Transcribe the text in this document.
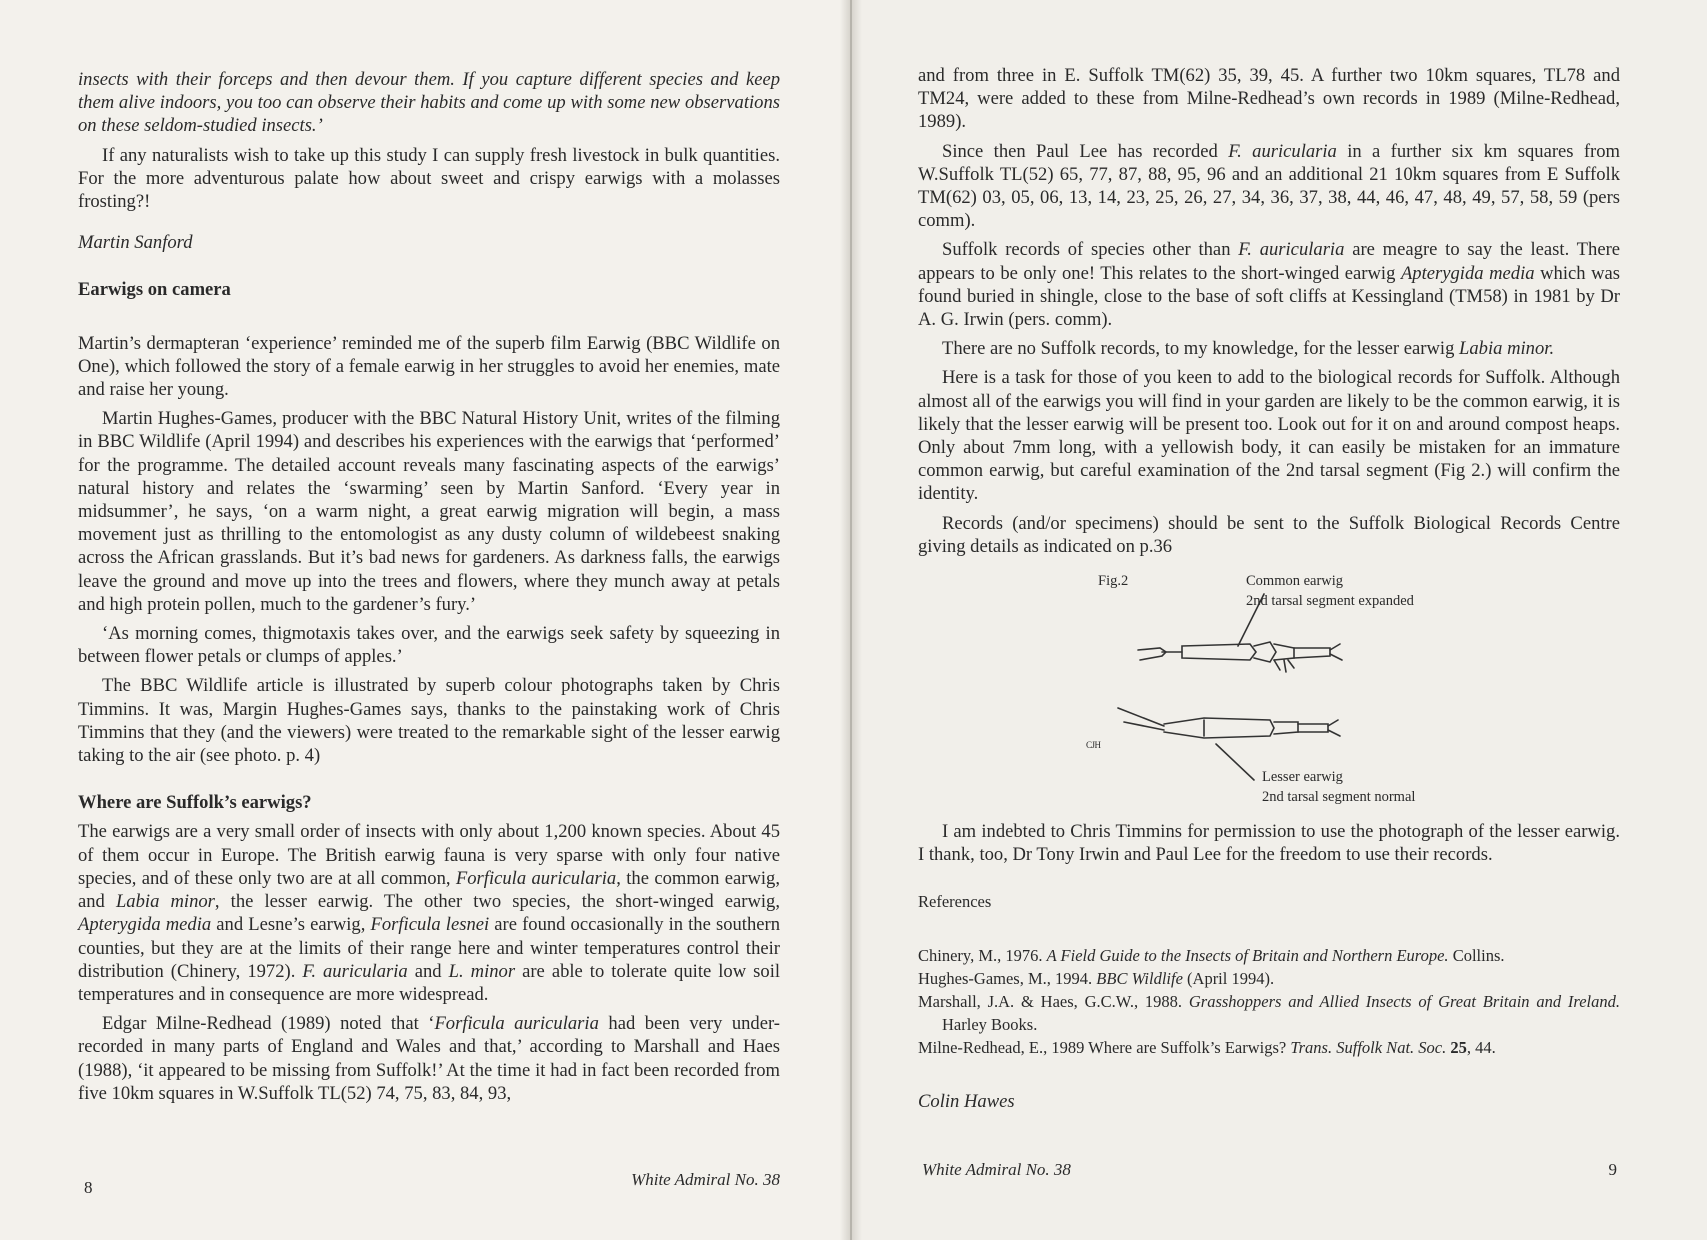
insects with their forceps and then devour them. If you capture different species and keep them alive indoors, you too can observe their habits and come up with some new observations on these seldom-studied insects.’

If any naturalists wish to take up this study I can supply fresh livestock in bulk quantities. For the more adventurous palate how about sweet and crispy earwigs with a molasses frosting?!

Martin Sanford

Earwigs on camera

Martin’s dermapteran ‘experience’ reminded me of the superb film Earwig (BBC Wildlife on One), which followed the story of a female earwig in her struggles to avoid her enemies, mate and raise her young.

Martin Hughes-Games, producer with the BBC Natural History Unit, writes of the filming in BBC Wildlife (April 1994) and describes his experiences with the earwigs that ‘performed’ for the programme. The detailed account reveals many fascinating aspects of the earwigs’ natural history and relates the ‘swarming’ seen by Martin Sanford. ‘Every year in midsummer’, he says, ‘on a warm night, a great earwig migration will begin, a mass movement just as thrilling to the entomologist as any dusty column of wildebeest snaking across the African grasslands. But it’s bad news for gardeners. As darkness falls, the earwigs leave the ground and move up into the trees and flowers, where they munch away at petals and high protein pollen, much to the gardener’s fury.’

‘As morning comes, thigmotaxis takes over, and the earwigs seek safety by squeezing in between flower petals or clumps of apples.’

The BBC Wildlife article is illustrated by superb colour photographs taken by Chris Timmins. It was, Margin Hughes-Games says, thanks to the painstaking work of Chris Timmins that they (and the viewers) were treated to the remarkable sight of the lesser earwig taking to the air (see photo. p. 4)

Where are Suffolk’s earwigs?

The earwigs are a very small order of insects with only about 1,200 known species. About 45 of them occur in Europe. The British earwig fauna is very sparse with only four native species, and of these only two are at all common, Forficula auricularia, the common earwig, and Labia minor, the lesser earwig. The other two species, the short-winged earwig, Apterygida media and Lesne’s earwig, Forficula lesnei are found occasionally in the southern counties, but they are at the limits of their range here and winter temperatures control their distribution (Chinery, 1972). F. auricularia and L. minor are able to tolerate quite low soil temperatures and in consequence are more widespread.

Edgar Milne-Redhead (1989) noted that ‘Forficula auricularia had been very under-recorded in many parts of England and Wales and that,’ according to Marshall and Haes (1988), ‘it appeared to be missing from Suffolk!’ At the time it had in fact been recorded from five 10km squares in W.Suffolk TL(52) 74, 75, 83, 84, 93,

8	White Admiral No. 38

and from three in E. Suffolk TM(62) 35, 39, 45. A further two 10km squares, TL78 and TM24, were added to these from Milne-Redhead’s own records in 1989 (Milne-Redhead, 1989).

Since then Paul Lee has recorded F. auricularia in a further six km squares from W.Suffolk TL(52) 65, 77, 87, 88, 95, 96 and an additional 21 10km squares from E Suffolk TM(62) 03, 05, 06, 13, 14, 23, 25, 26, 27, 34, 36, 37, 38, 44, 46, 47, 48, 49, 57, 58, 59 (pers comm).

Suffolk records of species other than F. auricularia are meagre to say the least. There appears to be only one! This relates to the short-winged earwig Apterygida media which was found buried in shingle, close to the base of soft cliffs at Kessingland (TM58) in 1981 by Dr A. G. Irwin (pers. comm).

There are no Suffolk records, to my knowledge, for the lesser earwig Labia minor.

Here is a task for those of you keen to add to the biological records for Suffolk. Although almost all of the earwigs you will find in your garden are likely to be the common earwig, it is likely that the lesser earwig will be present too. Look out for it on and around compost heaps. Only about 7mm long, with a yellowish body, it can easily be mistaken for an immature common earwig, but careful examination of the 2nd tarsal segment (Fig 2.) will confirm the identity.

Records (and/or specimens) should be sent to the Suffolk Biological Records Centre giving details as indicated on p.36

Fig.2	Common earwig
2nd tarsal segment expanded
CJH
Lesser earwig
2nd tarsal segment normal

I am indebted to Chris Timmins for permission to use the photograph of the lesser earwig. I thank, too, Dr Tony Irwin and Paul Lee for the freedom to use their records.

References

Chinery, M., 1976. A Field Guide to the Insects of Britain and Northern Europe. Collins.

Hughes-Games, M., 1994. BBC Wildlife (April 1994).

Marshall, J.A. & Haes, G.C.W., 1988. Grasshoppers and Allied Insects of Great Britain and Ireland. Harley Books.

Milne-Redhead, E., 1989 Where are Suffolk’s Earwigs? Trans. Suffolk Nat. Soc. 25, 44.

Colin Hawes

White Admiral No. 38	9
